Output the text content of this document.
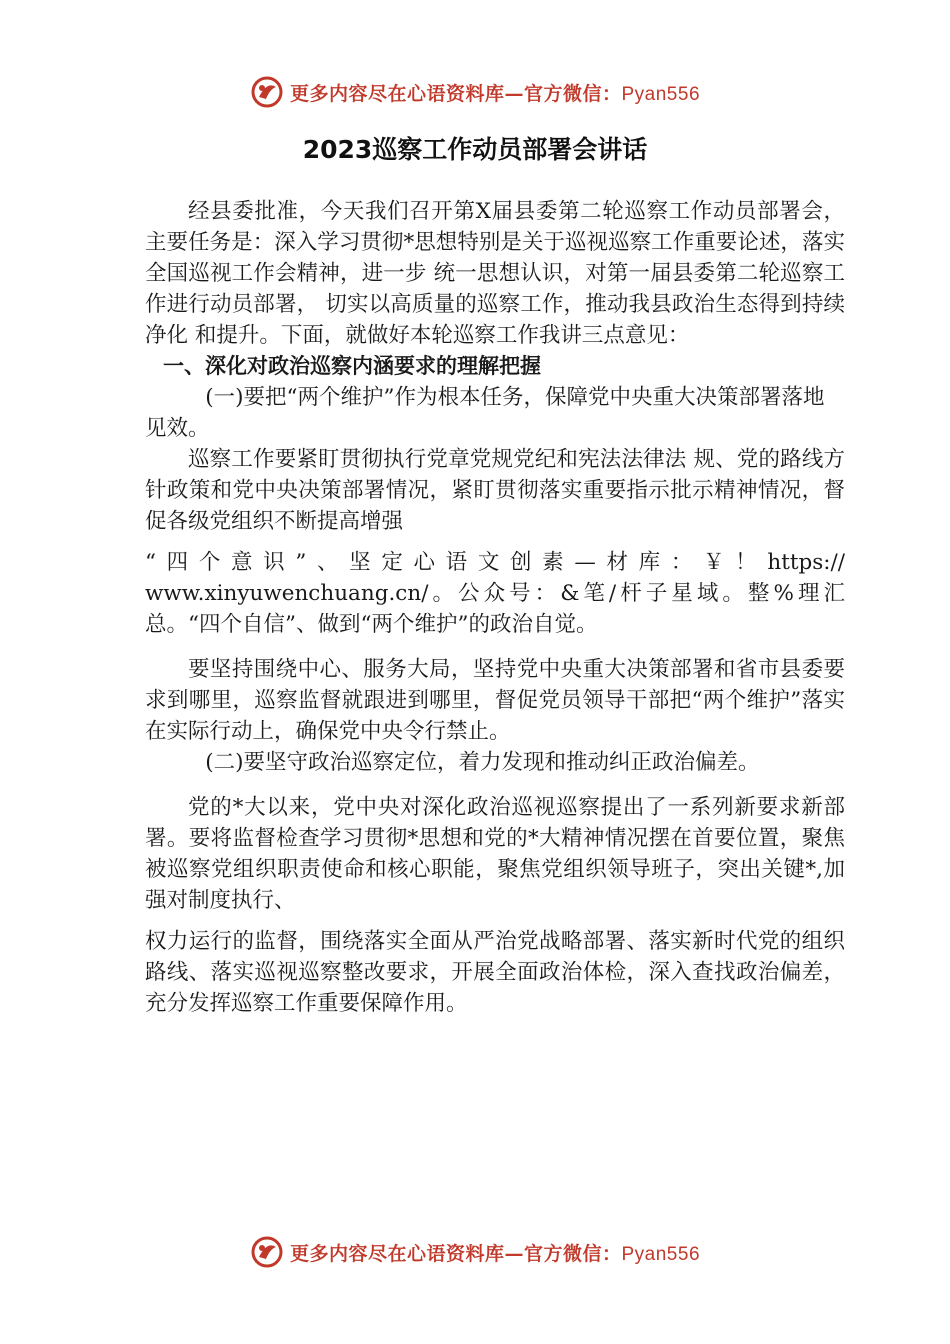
更多内容尽在心语资料库—官方微信：Pyan556
2023巡察工作动员部署会讲话

经县委批准，今天我们召开第X届县委第二轮巡察工作动员部署会，主要任务是：深入学习贯彻*思想特别是关于巡视巡察工作重要论述，落实全国巡视工作会精神，进一步 统一思想认识，对第一届县委第二轮巡察工作进行动员部署， 切实以高质量的巡察工作，推动我县政治生态得到持续净化 和提升。下面，就做好本轮巡察工作我讲三点意见：

一、深化对政治巡察内涵要求的理解把握

(一)要把“两个维护”作为根本任务，保障党中央重大决策部署落地见效。

巡察工作要紧盯贯彻执行党章党规党纪和宪法法律法 规、党的路线方针政策和党中央决策部署情况，紧盯贯彻落实重要指示批示精神情况，督促各级党组织不断提高增强

“四个意识”、坚定心语文创素—材库：￥！https:// www.xinyuwenchuang.cn/。公众号：&笔/杆子星域。整%理汇总。“四个自信”、做到“两个维护”的政治自觉。

要坚持围绕中心、服务大局，坚持党中央重大决策部署和省市县委要求到哪里，巡察监督就跟进到哪里，督促党员领导干部把“两个维护”落实在实际行动上，确保党中央令行禁止。

(二)要坚守政治巡察定位，着力发现和推动纠正政治偏差。

党的*大以来，党中央对深化政治巡视巡察提出了一系列新要求新部署。要将监督检查学习贯彻*思想和党的*大精神情况摆在首要位置，聚焦被巡察党组织职责使命和核心职能，聚焦党组织领导班子，突出关键*,加强对制度执行、

权力运行的监督，围绕落实全面从严治党战略部署、落实新时代党的组织路线、落实巡视巡察整改要求，开展全面政治体检，深入查找政治偏差，充分发挥巡察工作重要保障作用。

更多内容尽在心语资料库—官方微信：Pyan556
